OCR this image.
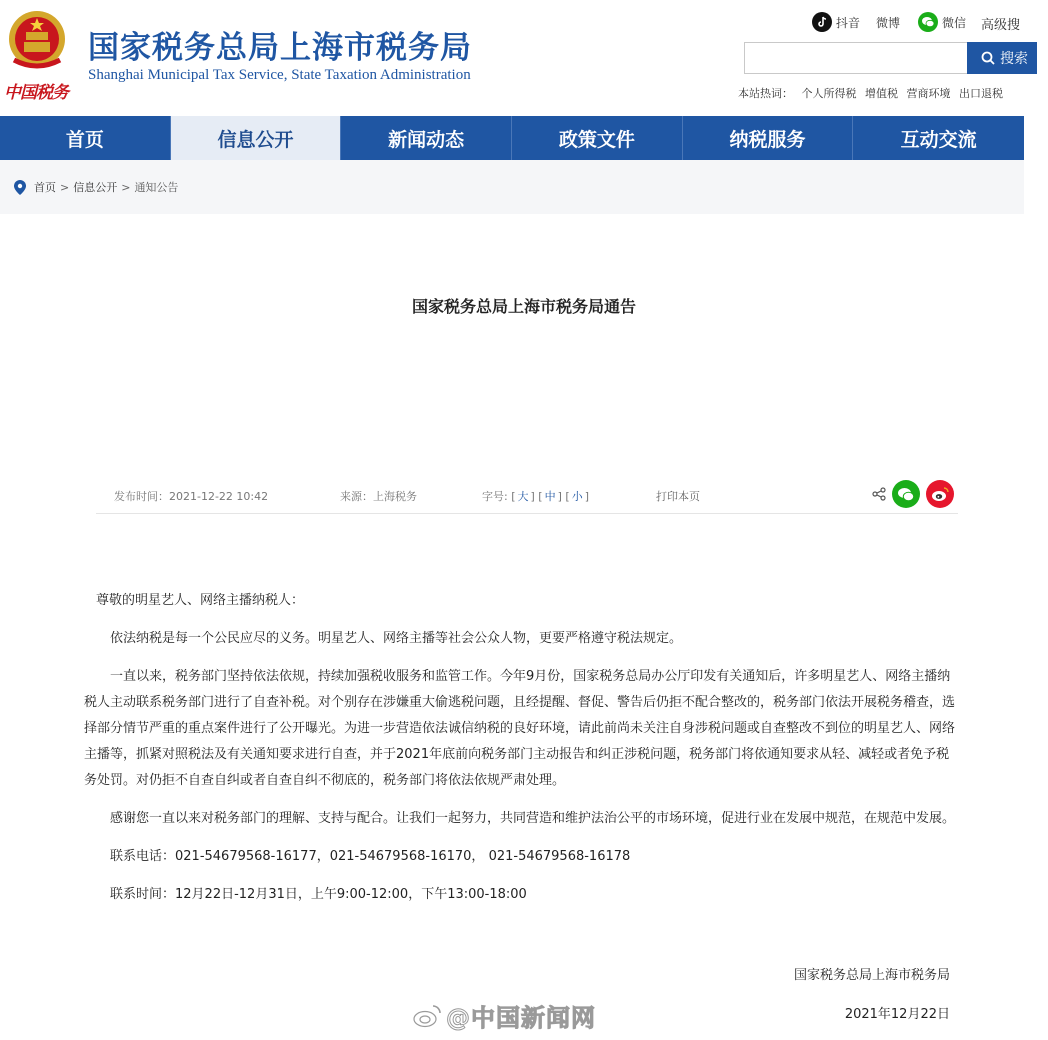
中国税务
国家税务总局上海市税务局
Shanghai Municipal Tax Service, State Taxation Administration
抖音 微博	微信 高级搜
搜索
本站热词： 个人所得税 增值税 营商环境 出口退税
首页	信息公开	新闻动态	政策文件	纳税服务	互动交流
首页 > 信息公开 > 通知公告
国家税务总局上海市税务局通告
发布时间：2021-12-22 10:42	来源：上海税务	字号: [ 大 ] [ 中 ] [ 小 ]	打印本页

尊敬的明星艺人、网络主播纳税人：

依法纳税是每一个公民应尽的义务。明星艺人、网络主播等社会公众人物，更要严格遵守税法规定。

一直以来，税务部门坚持依法依规，持续加强税收服务和监管工作。今年9月份，国家税务总局办公厅印发有关通知后，许多明星艺人、网络主播纳税人主动联系税务部门进行了自查补税。对个别存在涉嫌重大偷逃税问题，且经提醒、督促、警告后仍拒不配合整改的，税务部门依法开展税务稽查，选择部分情节严重的重点案件进行了公开曝光。为进一步营造依法诚信纳税的良好环境，请此前尚未关注自身涉税问题或自查整改不到位的明星艺人、网络主播等，抓紧对照税法及有关通知要求进行自查，并于2021年底前向税务部门主动报告和纠正涉税问题，税务部门将依通知要求从轻、减轻或者免予税务处罚。对仍拒不自查自纠或者自查自纠不彻底的，税务部门将依法依规严肃处理。

感谢您一直以来对税务部门的理解、支持与配合。让我们一起努力，共同营造和维护法治公平的市场环境，促进行业在发展中规范，在规范中发展。

联系电话：021-54679568-16177，021-54679568-16170， 021-54679568-16178

联系时间：12月22日-12月31日，上午9:00-12:00，下午13:00-18:00

国家税务总局上海市税务局
2021年12月22日
@中国新闻网
